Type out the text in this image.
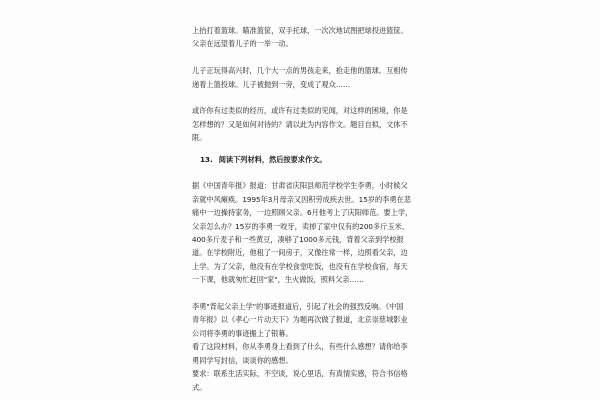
上抬打着篮球。瞄准篮筐，双手托球，一次次地试图把球投进篮筐。
父亲在远望着儿子的一举一动。

儿子正玩得高兴时，几个大一点的男孩走来，抢走他的篮球。互相传
递着上篮投球。儿子被抛到一旁，变成了观众……

或许你有过类似的经历，或许有过类似的见闻，对这样的困境，你是
怎样想的？又是如何对待的？请以此为内容作文。题目自拟，文体不
限。

13. 阅读下列材料，然后按要求作文。

据《中国青年报》报道：甘肃省庆阳县师范学校学生李勇，小时候父
亲就中风瘫痪。1995年3月母亲又因积劳成疾去世。15岁的李勇在悲
痛中一边操持家务，一边照顾父亲。6月他考上了庆阳师范。要上学，
父亲怎么办？15岁的李勇一咬牙，卖掉了家中仅有的200多斤玉米、
400多斤麦子和一些黄豆，凑够了1000多元钱，背着父亲到学校报
道。在学校附近，他租了一间房子，又像往常一样，边照看父亲，边
上学。为了父亲，他没有在学校食堂吃饭，也没有在学校食宿，每天
一下课，他就匆忙赶回"家"，生火做饭，照料父亲……

李勇"背起父亲上学"的事迹报道后，引起了社会的强烈反响。《中国
青年报》以《孝心一片动天下》为题再次做了报道，北京崇慈城影业
公司将李勇的事迹搬上了银幕。

看了这段材料，你从李勇身上看到了什么，有些什么感想？请你给李
勇同学写封信，谈谈你的感想。
要求：联系生活实际，不空谈，说心里话，有真情实感，符合书信格
式。
